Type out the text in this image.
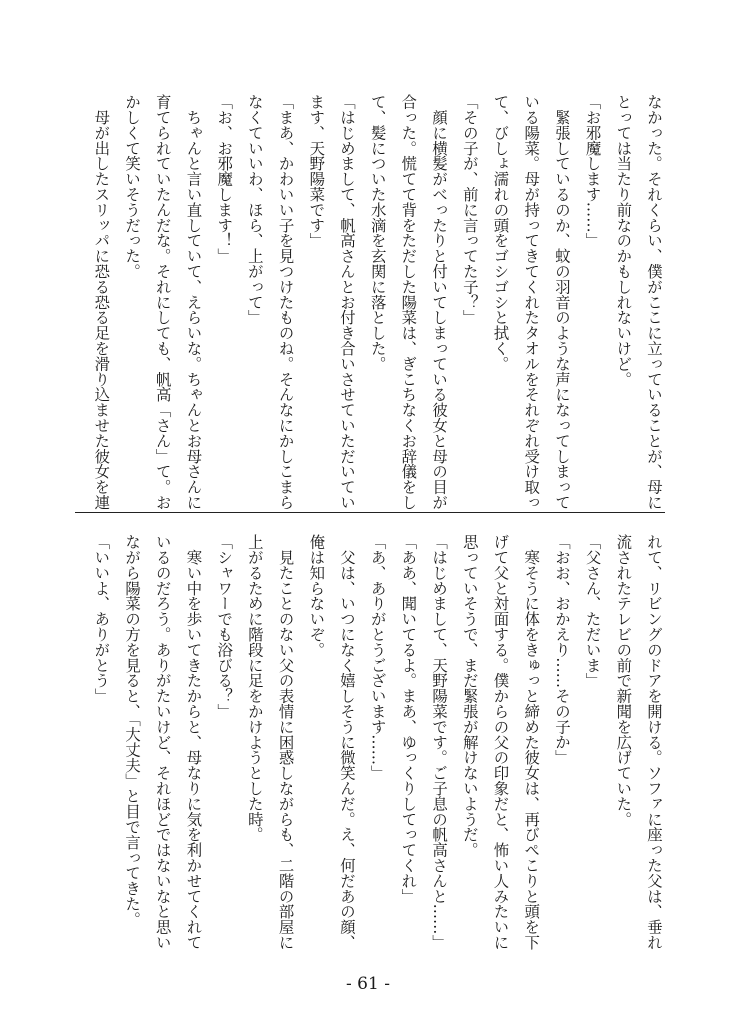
なかった。それくらい、僕がここに立っていることが、母に
とっては当たり前なのかもしれないけど。
「お邪魔します……」
　緊張しているのか、蚊の羽音のような声になってしまって
いる陽菜。母が持ってきてくれたタオルをそれぞれ受け取っ
て、びしょ濡れの頭をゴシゴシと拭く。
「その子が、前に言ってた子？」
　顔に横髪がべったりと付いてしまっている彼女と母の目が
合った。慌てて背をただした陽菜は、ぎこちなくお辞儀をし
て、髪についた水滴を玄関に落とした。
「はじめまして、帆高さんとお付き合いさせていただいてい
ます、天野陽菜です」
「まあ、かわいい子を見つけたものね。そんなにかしこまら
なくていいわ、ほら、上がって」
「お、お邪魔します！」
　ちゃんと言い直していて、えらいな。ちゃんとお母さんに
育てられていたんだな。それにしても、帆高「さん」て。お
かしくて笑いそうだった。
　母が出したスリッパに恐る恐る足を滑り込ませた彼女を連
れて、リビングのドアを開ける。ソファに座った父は、垂れ
流されたテレビの前で新聞を広げていた。
「父さん、ただいま」
「おお、おかえり……その子か」
　寒そうに体をきゅっと締めた彼女は、再びぺこりと頭を下
げて父と対面する。僕からの父の印象だと、怖い人みたいに
思っていそうで、まだ緊張が解けないようだ。
「はじめまして、天野陽菜です。ご子息の帆高さんと……」
「ああ、聞いてるよ。まあ、ゆっくりしてってくれ」
「あ、ありがとうございます……」
　父は、いつになく嬉しそうに微笑んだ。え、何だあの顔、
俺は知らないぞ。
　見たことのない父の表情に困惑しながらも、二階の部屋に
上がるために階段に足をかけようとした時。
「シャワーでも浴びる？」
　寒い中を歩いてきたからと、母なりに気を利かせてくれて
いるのだろう。ありがたいけど、それほどではないなと思い
ながら陽菜の方を見ると、「大丈夫」と目で言ってきた。
「いいよ、ありがとう」
- 61 -
